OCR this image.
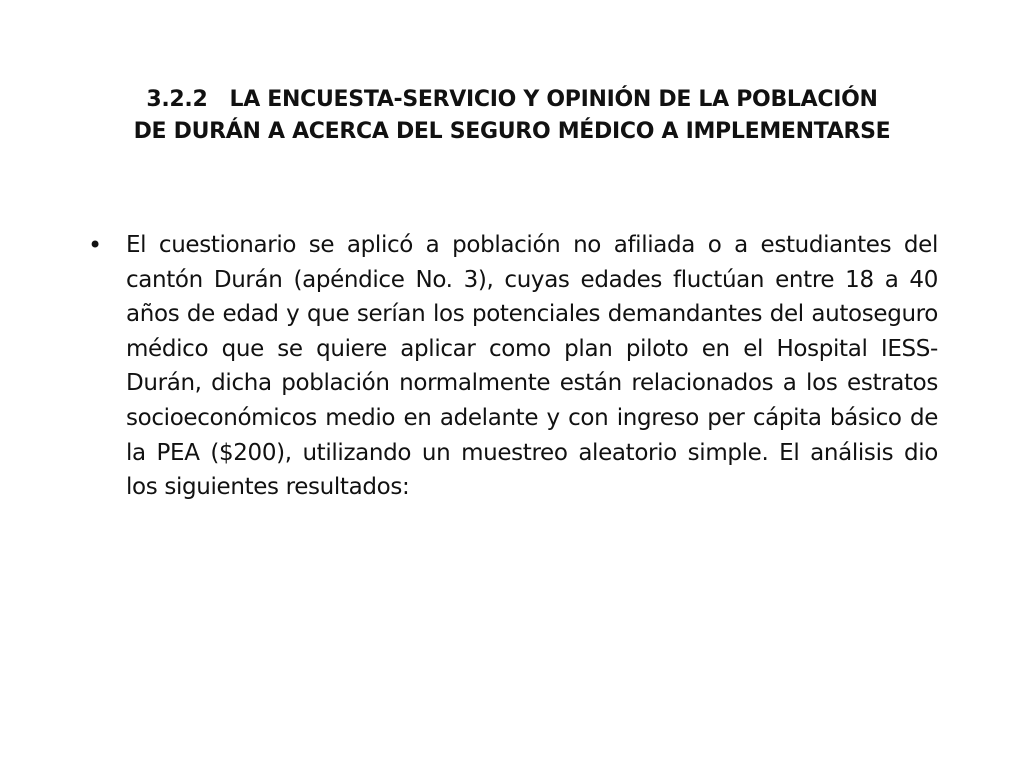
3.2.2 LA ENCUESTA-SERVICIO Y OPINIÓN DE LA POBLACIÓN
DE DURÁN A ACERCA DEL SEGURO MÉDICO A IMPLEMENTARSE
• El cuestionario se aplicó a población no afiliada o a estudiantes del cantón Durán (apéndice No. 3), cuyas edades fluctúan entre 18 a 40 años de edad y que serían los potenciales demandantes del autoseguro médico que se quiere aplicar como plan piloto en el Hospital IESS-Durán, dicha población normalmente están relacionados a los estratos socioeconómicos medio en adelante y con ingreso per cápita básico de la PEA ($200), utilizando un muestreo aleatorio simple. El análisis dio los siguientes resultados:
